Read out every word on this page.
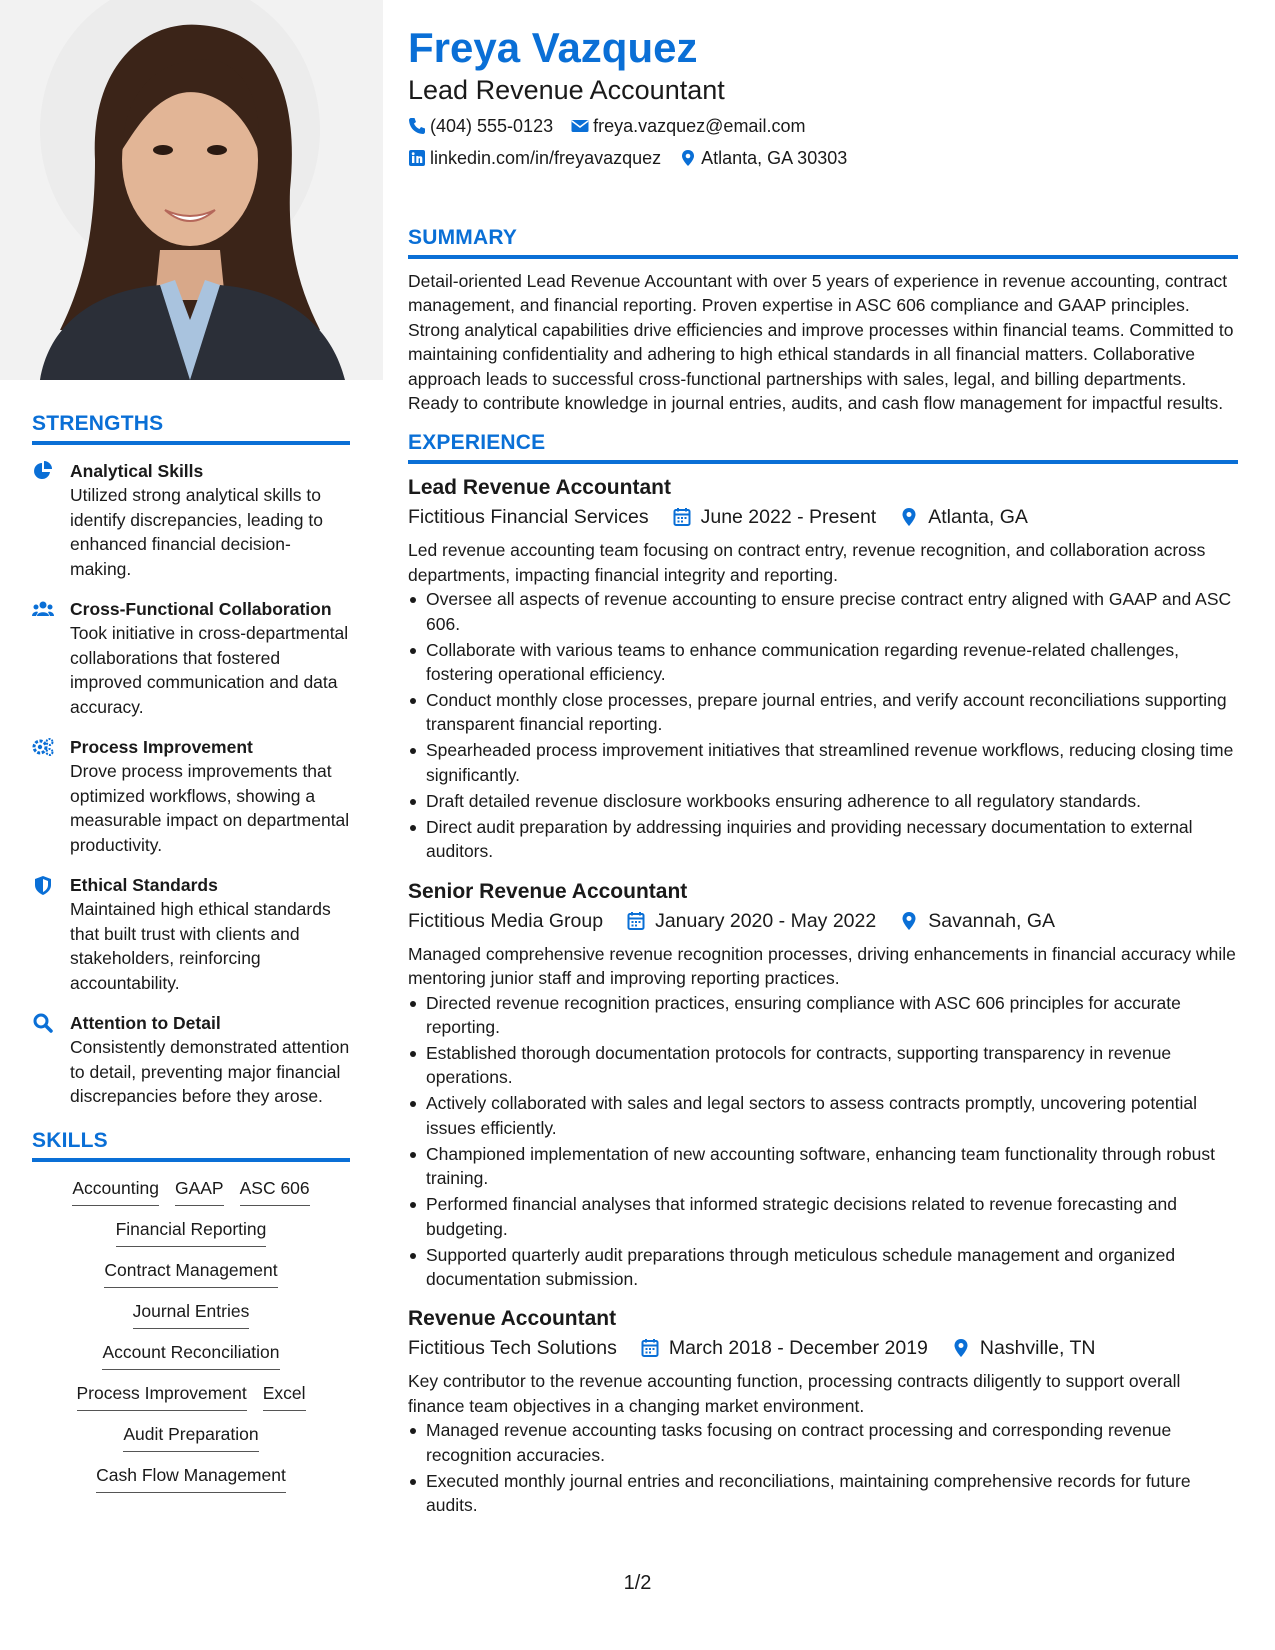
STRENGTHS
Analytical Skills
Utilized strong analytical skills to identify discrepancies, leading to enhanced financial decision-making.
Cross-Functional Collaboration
Took initiative in cross-departmental collaborations that fostered improved communication and data accuracy.
Process Improvement
Drove process improvements that optimized workflows, showing a measurable impact on departmental productivity.
Ethical Standards
Maintained high ethical standards that built trust with clients and stakeholders, reinforcing accountability.
Attention to Detail
Consistently demonstrated attention to detail, preventing major financial discrepancies before they arose.
SKILLS
Accounting GAAP ASC 606
Financial Reporting
Contract Management
Journal Entries
Account Reconciliation
Process Improvement Excel
Audit Preparation
Cash Flow Management
Freya Vazquez
Lead Revenue Accountant
(404) 555-0123 freya.vazquez@email.com
linkedin.com/in/freyavazquez Atlanta, GA 30303
SUMMARY
Detail-oriented Lead Revenue Accountant with over 5 years of experience in revenue accounting, contract management, and financial reporting. Proven expertise in ASC 606 compliance and GAAP principles. Strong analytical capabilities drive efficiencies and improve processes within financial teams. Committed to maintaining confidentiality and adhering to high ethical standards in all financial matters. Collaborative approach leads to successful cross-functional partnerships with sales, legal, and billing departments. Ready to contribute knowledge in journal entries, audits, and cash flow management for impactful results.
EXPERIENCE
Lead Revenue Accountant
Fictitious Financial Services	June 2022 - Present	Atlanta, GA
Led revenue accounting team focusing on contract entry, revenue recognition, and collaboration across departments, impacting financial integrity and reporting.
Oversee all aspects of revenue accounting to ensure precise contract entry aligned with GAAP and ASC 606.
Collaborate with various teams to enhance communication regarding revenue-related challenges, fostering operational efficiency.
Conduct monthly close processes, prepare journal entries, and verify account reconciliations supporting transparent financial reporting.
Spearheaded process improvement initiatives that streamlined revenue workflows, reducing closing time significantly.
Draft detailed revenue disclosure workbooks ensuring adherence to all regulatory standards.
Direct audit preparation by addressing inquiries and providing necessary documentation to external auditors.
Senior Revenue Accountant
Fictitious Media Group	January 2020 - May 2022	Savannah, GA
Managed comprehensive revenue recognition processes, driving enhancements in financial accuracy while mentoring junior staff and improving reporting practices.
Directed revenue recognition practices, ensuring compliance with ASC 606 principles for accurate reporting.
Established thorough documentation protocols for contracts, supporting transparency in revenue operations.
Actively collaborated with sales and legal sectors to assess contracts promptly, uncovering potential issues efficiently.
Championed implementation of new accounting software, enhancing team functionality through robust training.
Performed financial analyses that informed strategic decisions related to revenue forecasting and budgeting.
Supported quarterly audit preparations through meticulous schedule management and organized documentation submission.
Revenue Accountant
Fictitious Tech Solutions	March 2018 - December 2019	Nashville, TN
Key contributor to the revenue accounting function, processing contracts diligently to support overall finance team objectives in a changing market environment.
Managed revenue accounting tasks focusing on contract processing and corresponding revenue recognition accuracies.
Executed monthly journal entries and reconciliations, maintaining comprehensive records for future audits.
1/2
